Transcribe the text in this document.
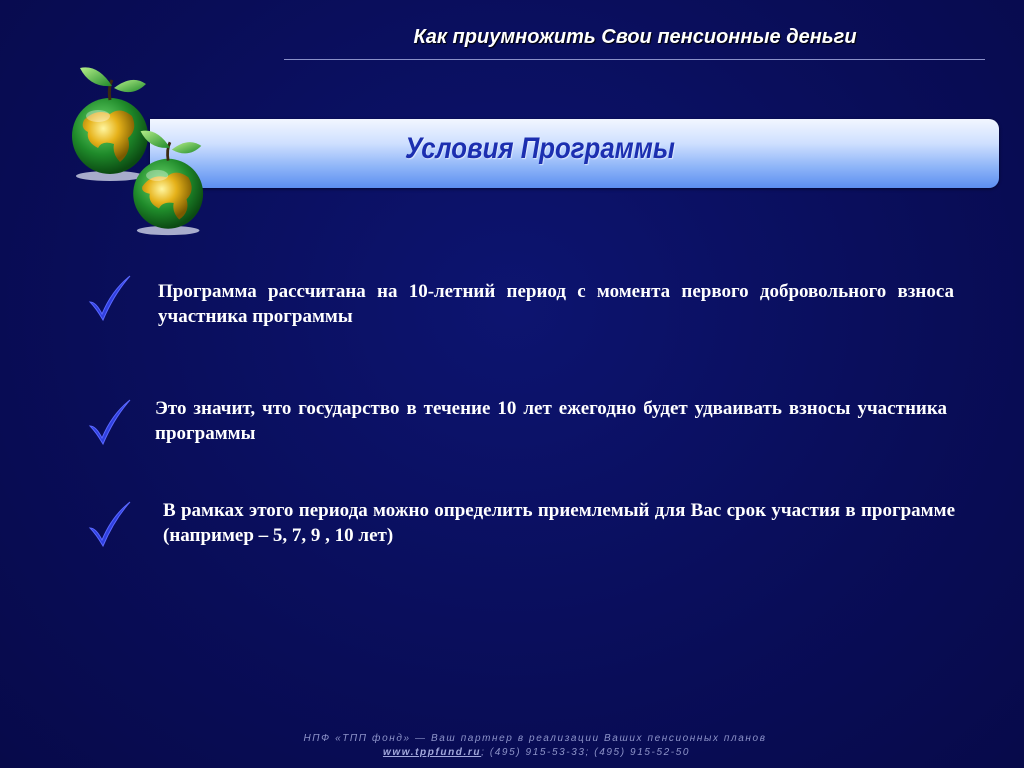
Как приумножить Свои пенсионные деньги
Условия Программы
Программа рассчитана на 10-летний период с момента первого добровольного взноса участника программы
Это значит, что государство в течение 10 лет ежегодно будет удваивать взносы участника программы
В рамках этого периода можно определить приемлемый для Вас срок участия в программе (например – 5, 7, 9 , 10 лет)
НПФ «ТПП фонд» — Ваш партнер в реализации Ваших пенсионных планов
www.tppfund.ru; (495) 915-53-33; (495) 915-52-50
